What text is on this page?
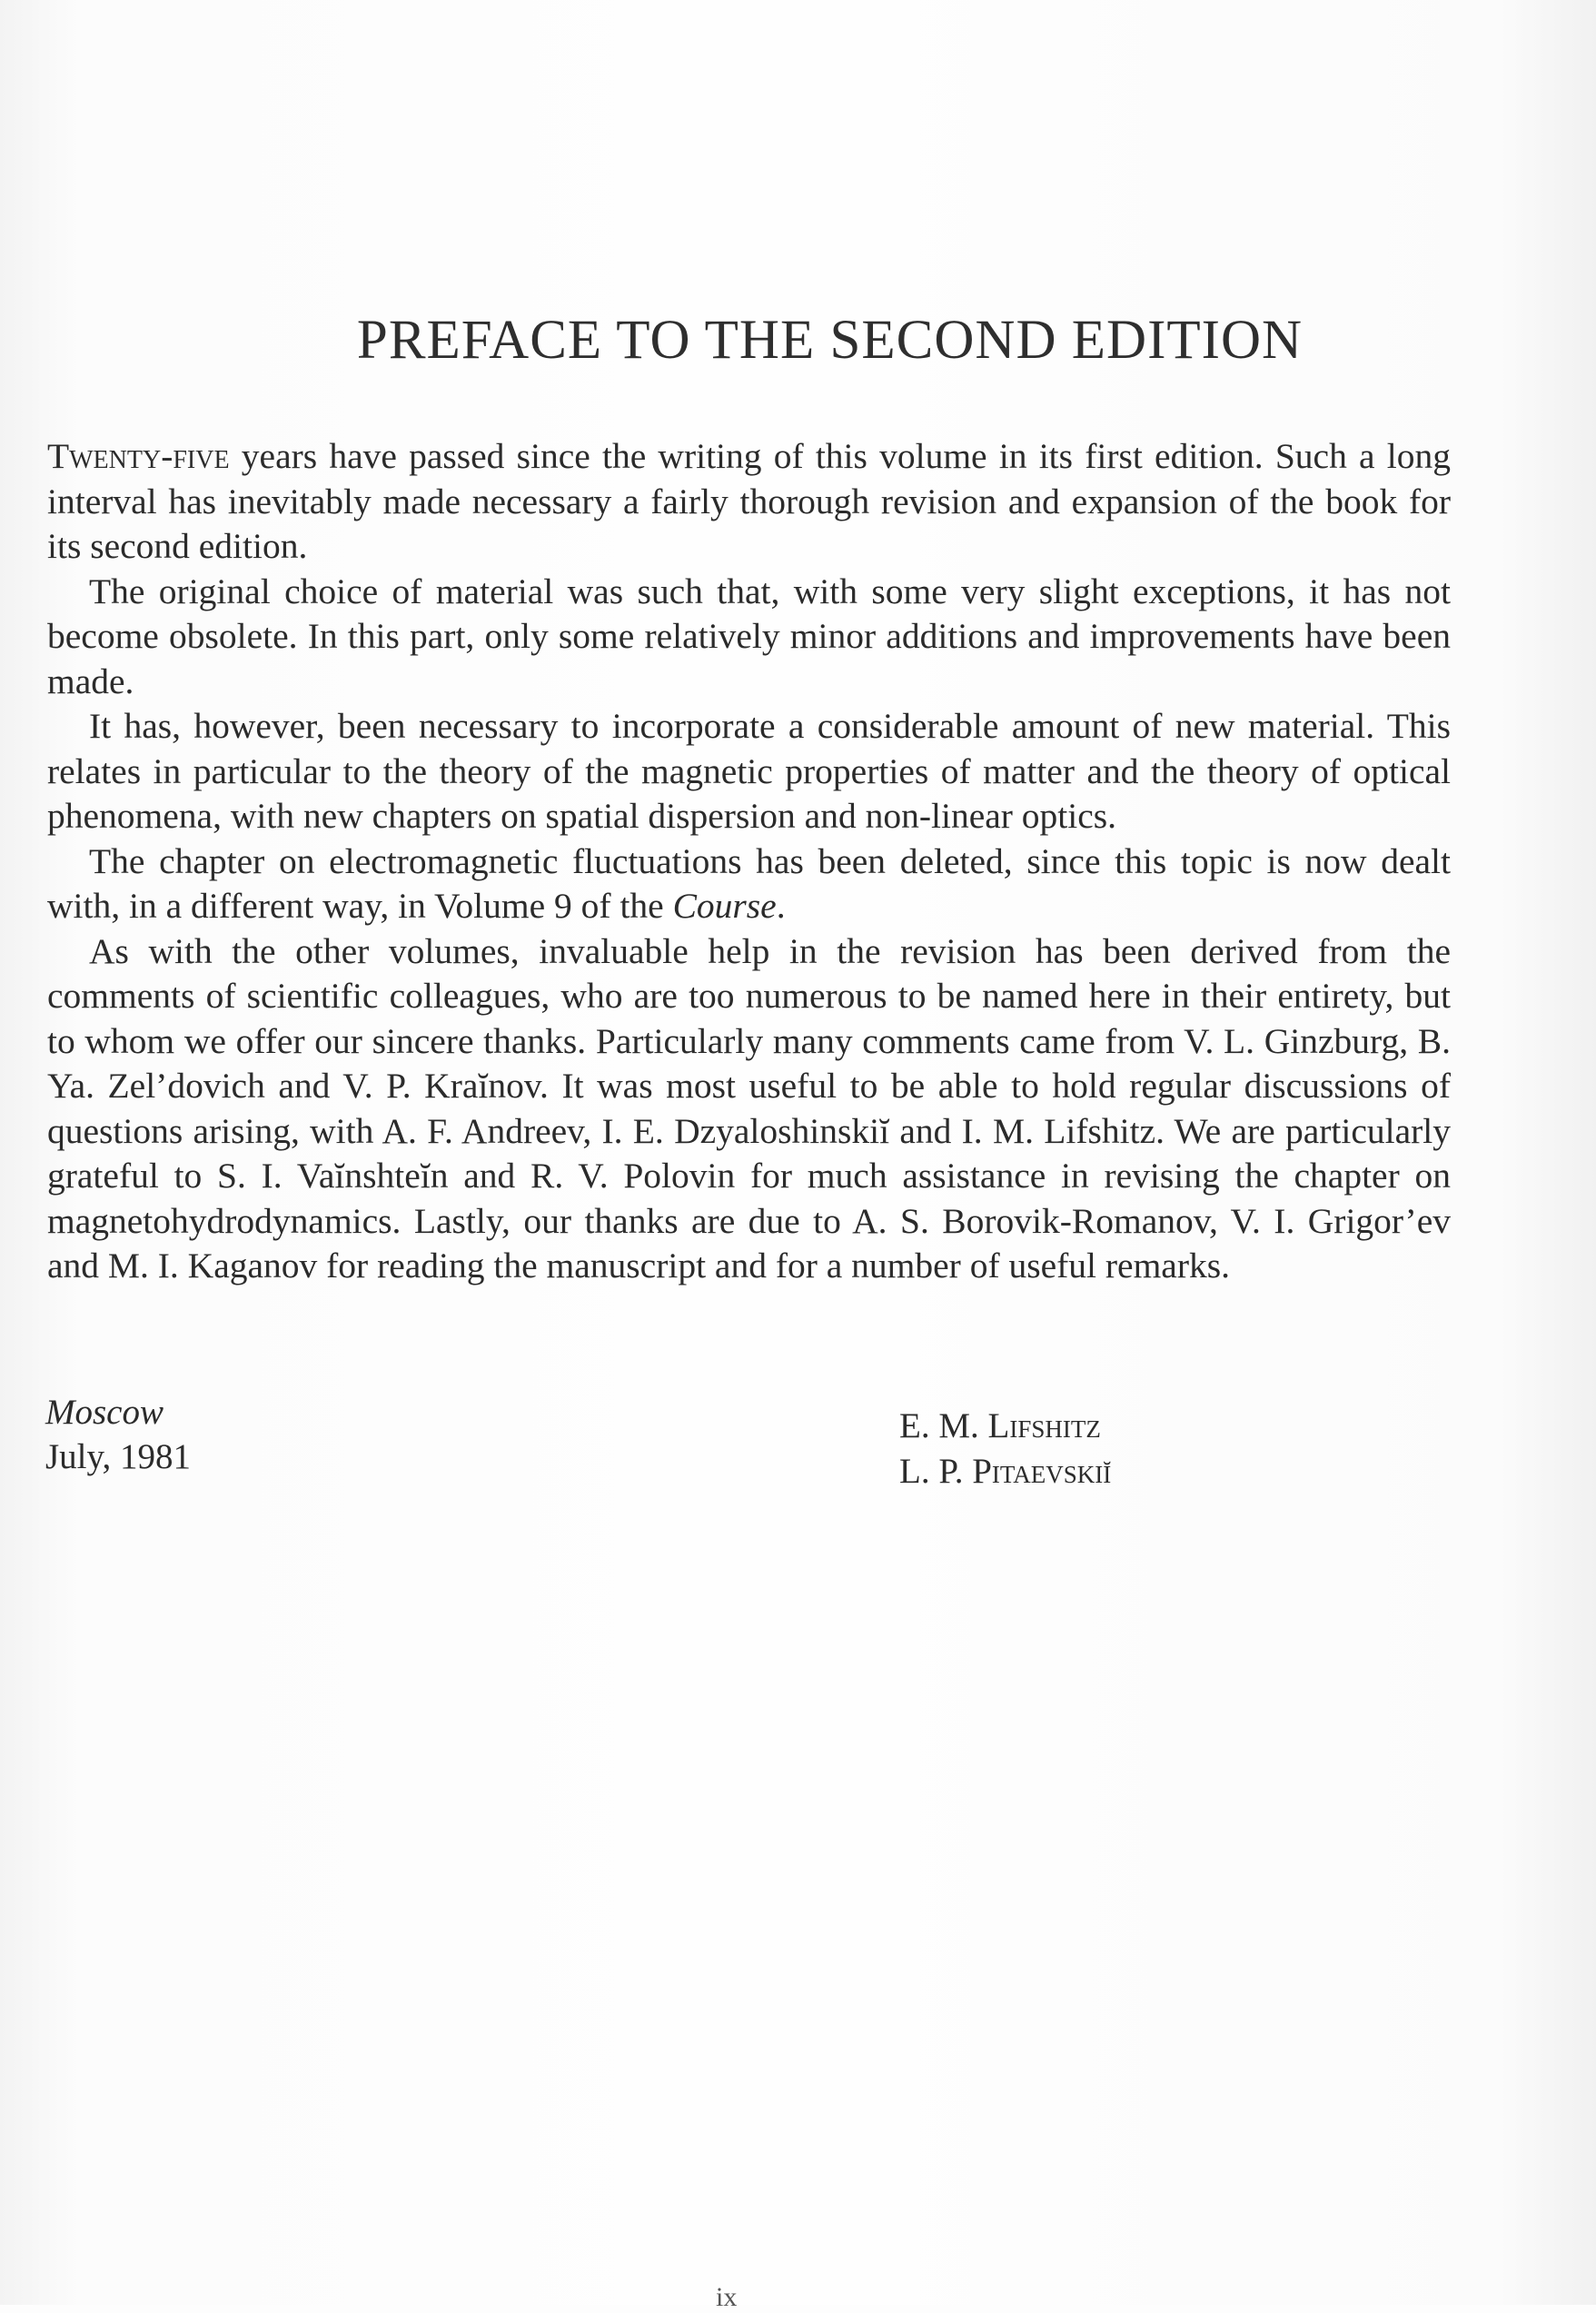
PREFACE TO THE SECOND EDITION

Twenty-five years have passed since the writing of this volume in its first edition. Such a long interval has inevitably made necessary a fairly thorough revision and expansion of the book for its second edition.

The original choice of material was such that, with some very slight exceptions, it has not become obsolete. In this part, only some relatively minor additions and improvements have been made.

It has, however, been necessary to incorporate a considerable amount of new material. This relates in particular to the theory of the magnetic properties of matter and the theory of optical phenomena, with new chapters on spatial dispersion and non-linear optics.

The chapter on electromagnetic fluctuations has been deleted, since this topic is now dealt with, in a different way, in Volume 9 of the Course.

As with the other volumes, invaluable help in the revision has been derived from the comments of scientific colleagues, who are too numerous to be named here in their entirety, but to whom we offer our sincere thanks. Particularly many comments came from V. L. Ginzburg, B. Ya. Zel’dovich and V. P. Kraĭnov. It was most useful to be able to hold regular discussions of questions arising, with A. F. Andreev, I. E. Dzyaloshinskiĭ and I. M. Lifshitz. We are particularly grateful to S. I. Vaĭnshteĭn and R. V. Polovin for much assistance in revising the chapter on magnetohydrodynamics. Lastly, our thanks are due to A. S. Borovik-Romanov, V. I. Grigor’ev and M. I. Kaganov for reading the manuscript and for a number of useful remarks.

Moscow
July, 1981
E. M. Lifshitz
L. P. Pitaevskiĭ
ix
